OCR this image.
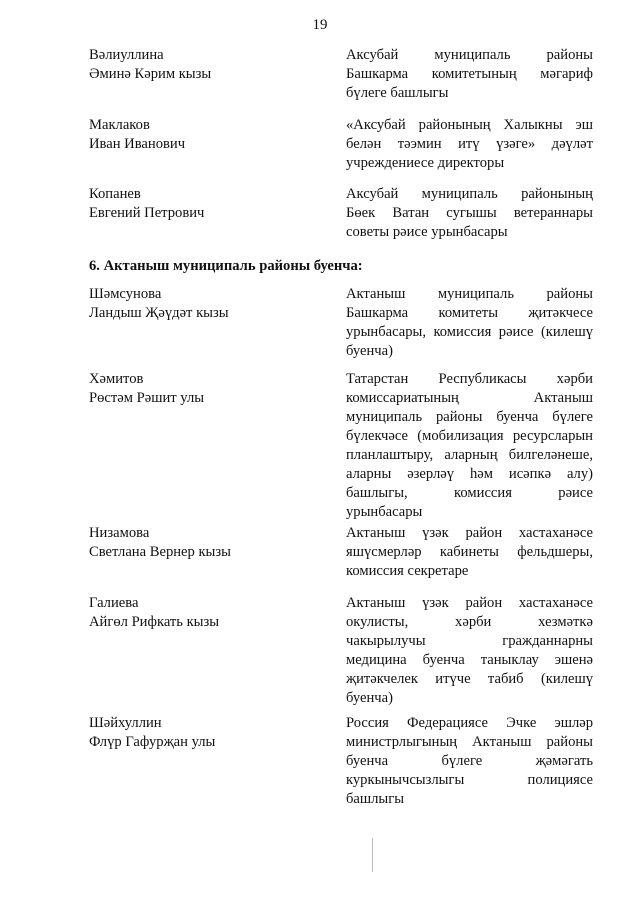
19
Вәлиуллина
Әминә Кәрим кызы
Аксубай муниципаль районы
Башкарма комитетының мәгариф
бүлеге башлыгы
Маклаков
Иван Иванович
«Аксубай районының Халыкны эш
белән тәэмин итү үзәге» дәүләт
учреждениесе директоры
Копанев
Евгений Петрович
Аксубай муниципаль районының
Бөек Ватан сугышы ветераннары
советы рәисе урынбасары
6. Актаныш муниципаль районы буенча:
Шәмсунова
Ландыш Җәүдәт кызы
Актаныш муниципаль районы
Башкарма комитеты җитәкчесе
урынбасары, комиссия рәисе (килешү
буенча)
Хәмитов
Рөстәм Рәшит улы
Татарстан Республикасы хәрби
комиссариатының Актаныш
муниципаль районы буенча бүлеге
бүлекчәсе (мобилизация ресурсларын
планлаштыру, аларның билгеләнеше,
аларны әзерләү һәм исәпкә алу)
башлыгы, комиссия рәисе
урынбасары
Низамова
Светлана Вернер кызы
Актаныш үзәк район хастаханәсе
яшүсмерләр кабинеты фельдшеры,
комиссия секретаре
Галиева
Айгөл Рифкать кызы
Актаныш үзәк район хастаханәсе
окулисты, хәрби хезмәткә
чакырылучы гражданнарны
медицина буенча таныклау эшенә
җитәкчелек итүче табиб (килешү
буенча)
Шәйхуллин
Флүр Гафурҗан улы
Россия Федерациясе Эчке эшләр
министрлыгының Актаныш районы
буенча бүлеге җәмәгать
куркынычсызлыгы полициясе
башлыгы
